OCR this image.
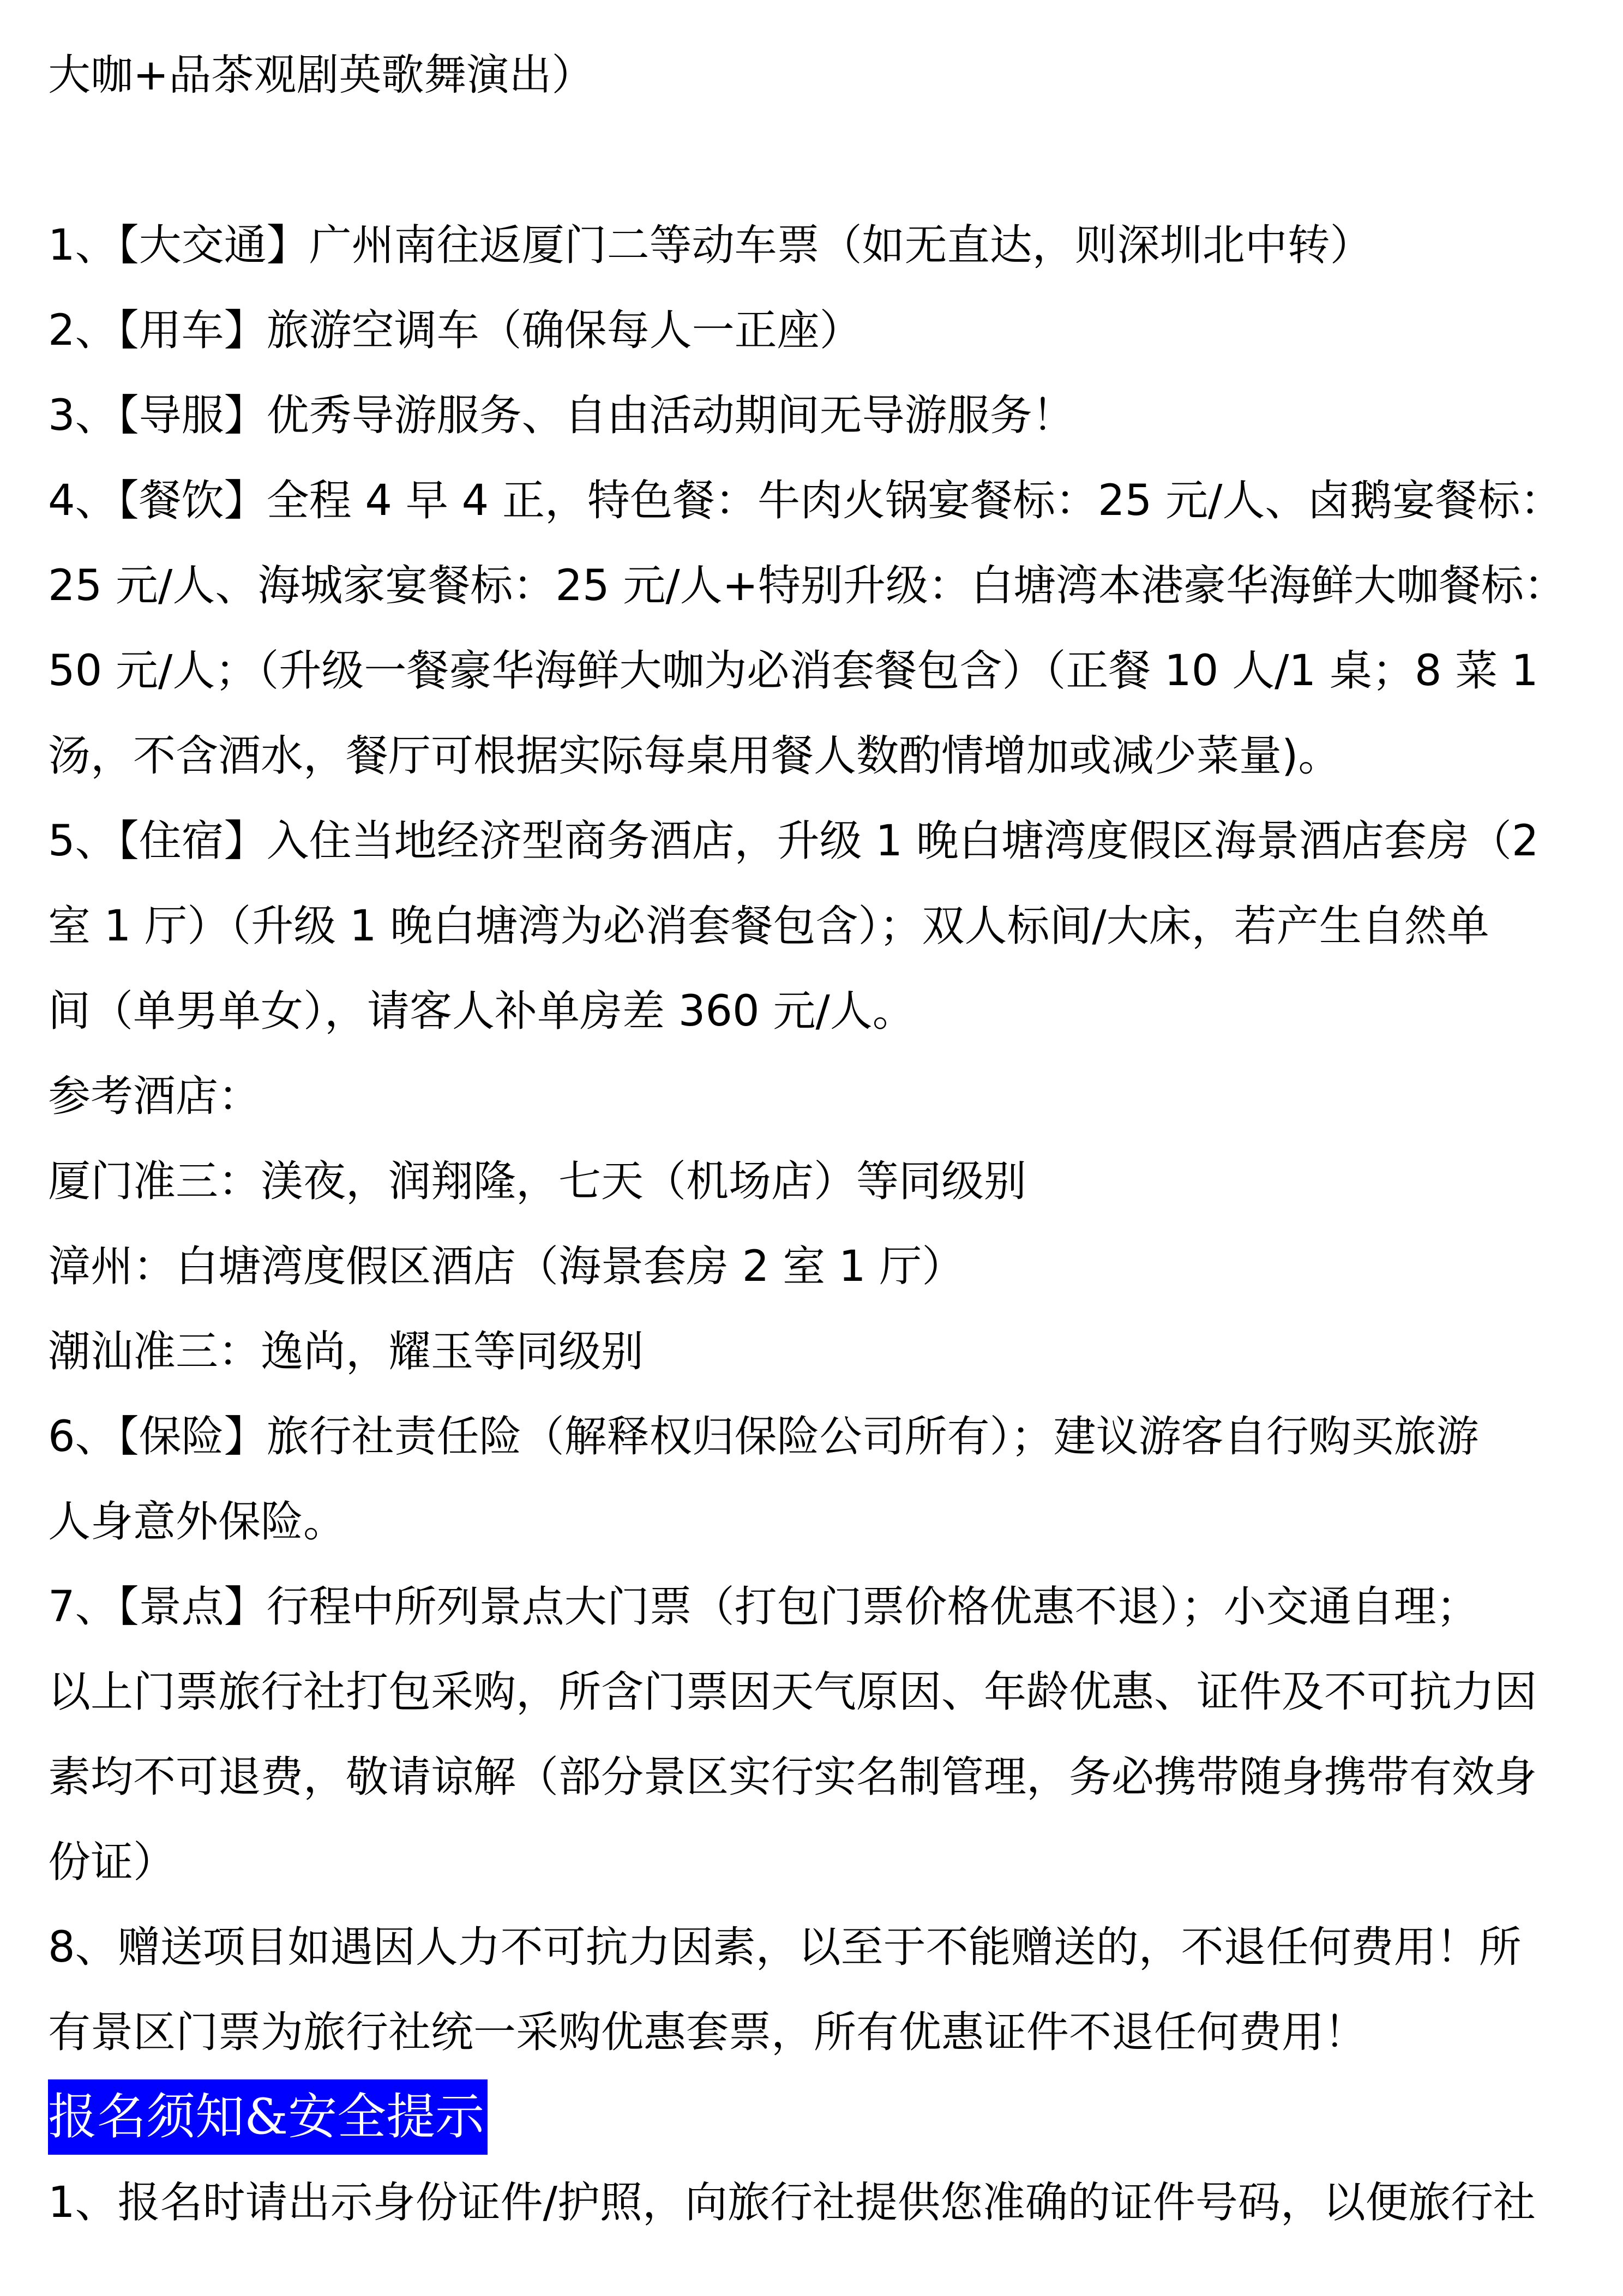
大咖+品茶观剧英歌舞演出）
1、【大交通】广州南往返厦门二等动车票（如无直达，则深圳北中转）
2、【用车】旅游空调车（确保每人一正座）
3、【导服】优秀导游服务、自由活动期间无导游服务！
4、【餐饮】全程 4 早 4 正，特色餐：牛肉火锅宴餐标：25 元/人、卤鹅宴餐标：
25 元/人、海城家宴餐标：25 元/人+特别升级：白塘湾本港豪华海鲜大咖餐标：
50 元/人；（升级一餐豪华海鲜大咖为必消套餐包含）（正餐 10 人/1 桌；8 菜 1
汤，不含酒水，餐厅可根据实际每桌用餐人数酌情增加或减少菜量)。
5、【住宿】入住当地经济型商务酒店，升级 1 晚白塘湾度假区海景酒店套房（2
室 1 厅）（升级 1 晚白塘湾为必消套餐包含）；双人标间/大床，若产生自然单
间（单男单女），请客人补单房差 360 元/人。
参考酒店：
厦门准三：渼夜，润翔隆，七天（机场店）等同级别
漳州：白塘湾度假区酒店（海景套房 2 室 1 厅）
潮汕准三：逸尚，耀玉等同级别
6、【保险】旅行社责任险（解释权归保险公司所有）；建议游客自行购买旅游
人身意外保险。
7、【景点】行程中所列景点大门票（打包门票价格优惠不退）；小交通自理；
以上门票旅行社打包采购，所含门票因天气原因、年龄优惠、证件及不可抗力因
素均不可退费，敬请谅解（部分景区实行实名制管理，务必携带随身携带有效身
份证）
8、赠送项目如遇因人力不可抗力因素，以至于不能赠送的，不退任何费用！所
有景区门票为旅行社统一采购优惠套票，所有优惠证件不退任何费用！
报名须知&安全提示
1、报名时请出示身份证件/护照，向旅行社提供您准确的证件号码，以便旅行社
